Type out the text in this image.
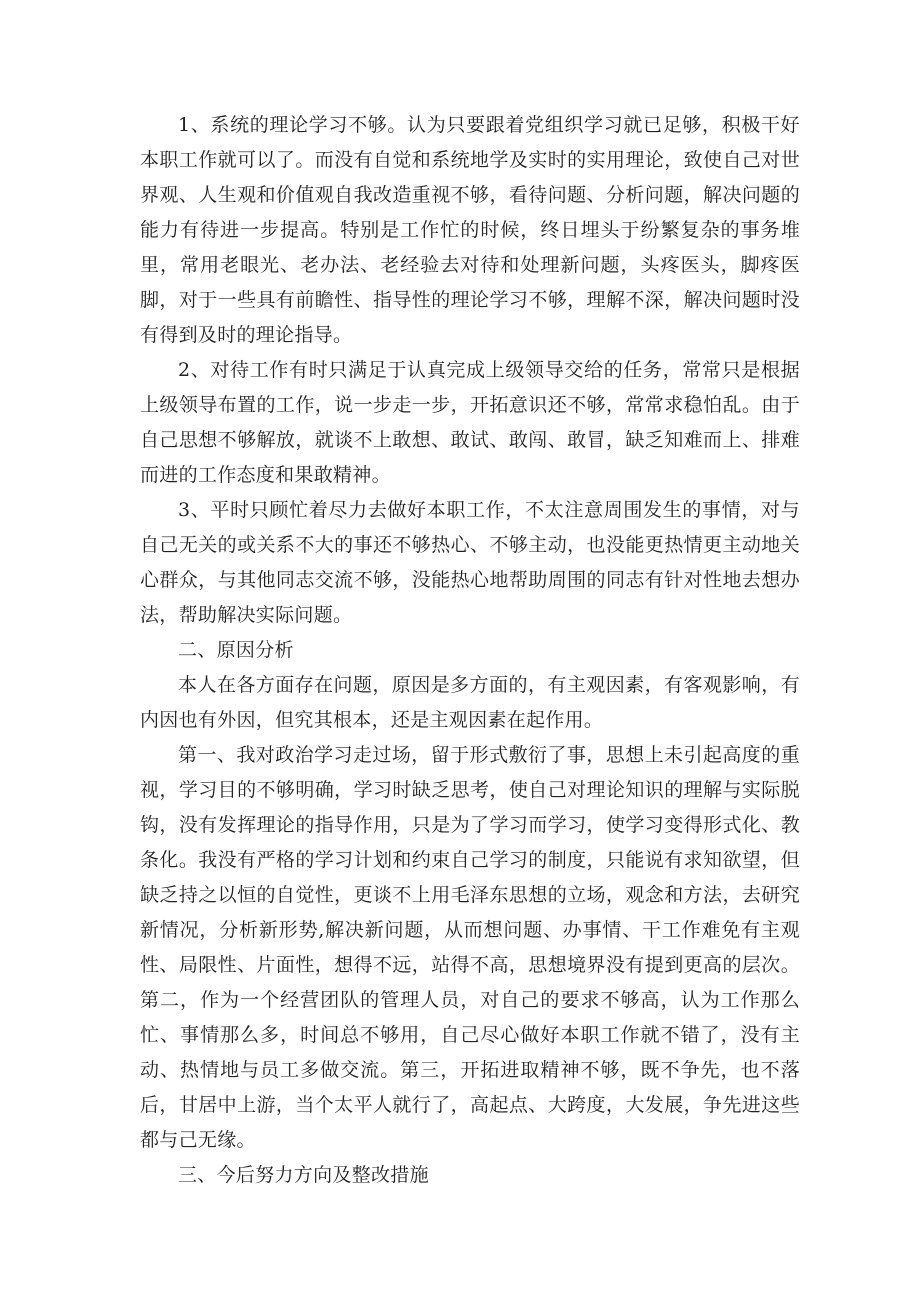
1、系统的理论学习不够。认为只要跟着党组织学习就已足够，积极干好本职工作就可以了。而没有自觉和系统地学及实时的实用理论，致使自己对世界观、人生观和价值观自我改造重视不够，看待问题、分析问题，解决问题的能力有待进一步提高。特别是工作忙的时候，终日埋头于纷繁复杂的事务堆里，常用老眼光、老办法、老经验去对待和处理新问题，头疼医头，脚疼医脚，对于一些具有前瞻性、指导性的理论学习不够，理解不深，解决问题时没有得到及时的理论指导。

2、对待工作有时只满足于认真完成上级领导交给的任务，常常只是根据上级领导布置的工作，说一步走一步，开拓意识还不够，常常求稳怕乱。由于自己思想不够解放，就谈不上敢想、敢试、敢闯、敢冒，缺乏知难而上、排难而进的工作态度和果敢精神。

3、平时只顾忙着尽力去做好本职工作，不太注意周围发生的事情，对与自己无关的或关系不大的事还不够热心、不够主动，也没能更热情更主动地关心群众，与其他同志交流不够，没能热心地帮助周围的同志有针对性地去想办法，帮助解决实际问题。

二、原因分析

本人在各方面存在问题，原因是多方面的，有主观因素，有客观影响，有内因也有外因，但究其根本，还是主观因素在起作用。

第一、我对政治学习走过场，留于形式敷衍了事，思想上未引起高度的重视，学习目的不够明确，学习时缺乏思考，使自己对理论知识的理解与实际脱钩，没有发挥理论的指导作用，只是为了学习而学习，使学习变得形式化、教条化。我没有严格的学习计划和约束自己学习的制度，只能说有求知欲望，但缺乏持之以恒的自觉性，更谈不上用毛泽东思想的立场，观念和方法，去研究新情况，分析新形势,解决新问题，从而想问题、办事情、干工作难免有主观性、局限性、片面性，想得不远，站得不高，思想境界没有提到更高的层次。第二，作为一个经营团队的管理人员，对自己的要求不够高，认为工作那么忙、事情那么多，时间总不够用，自己尽心做好本职工作就不错了，没有主动、热情地与员工多做交流。第三，开拓进取精神不够，既不争先，也不落后，甘居中上游，当个太平人就行了，高起点、大跨度，大发展，争先进这些都与己无缘。

三、今后努力方向及整改措施
